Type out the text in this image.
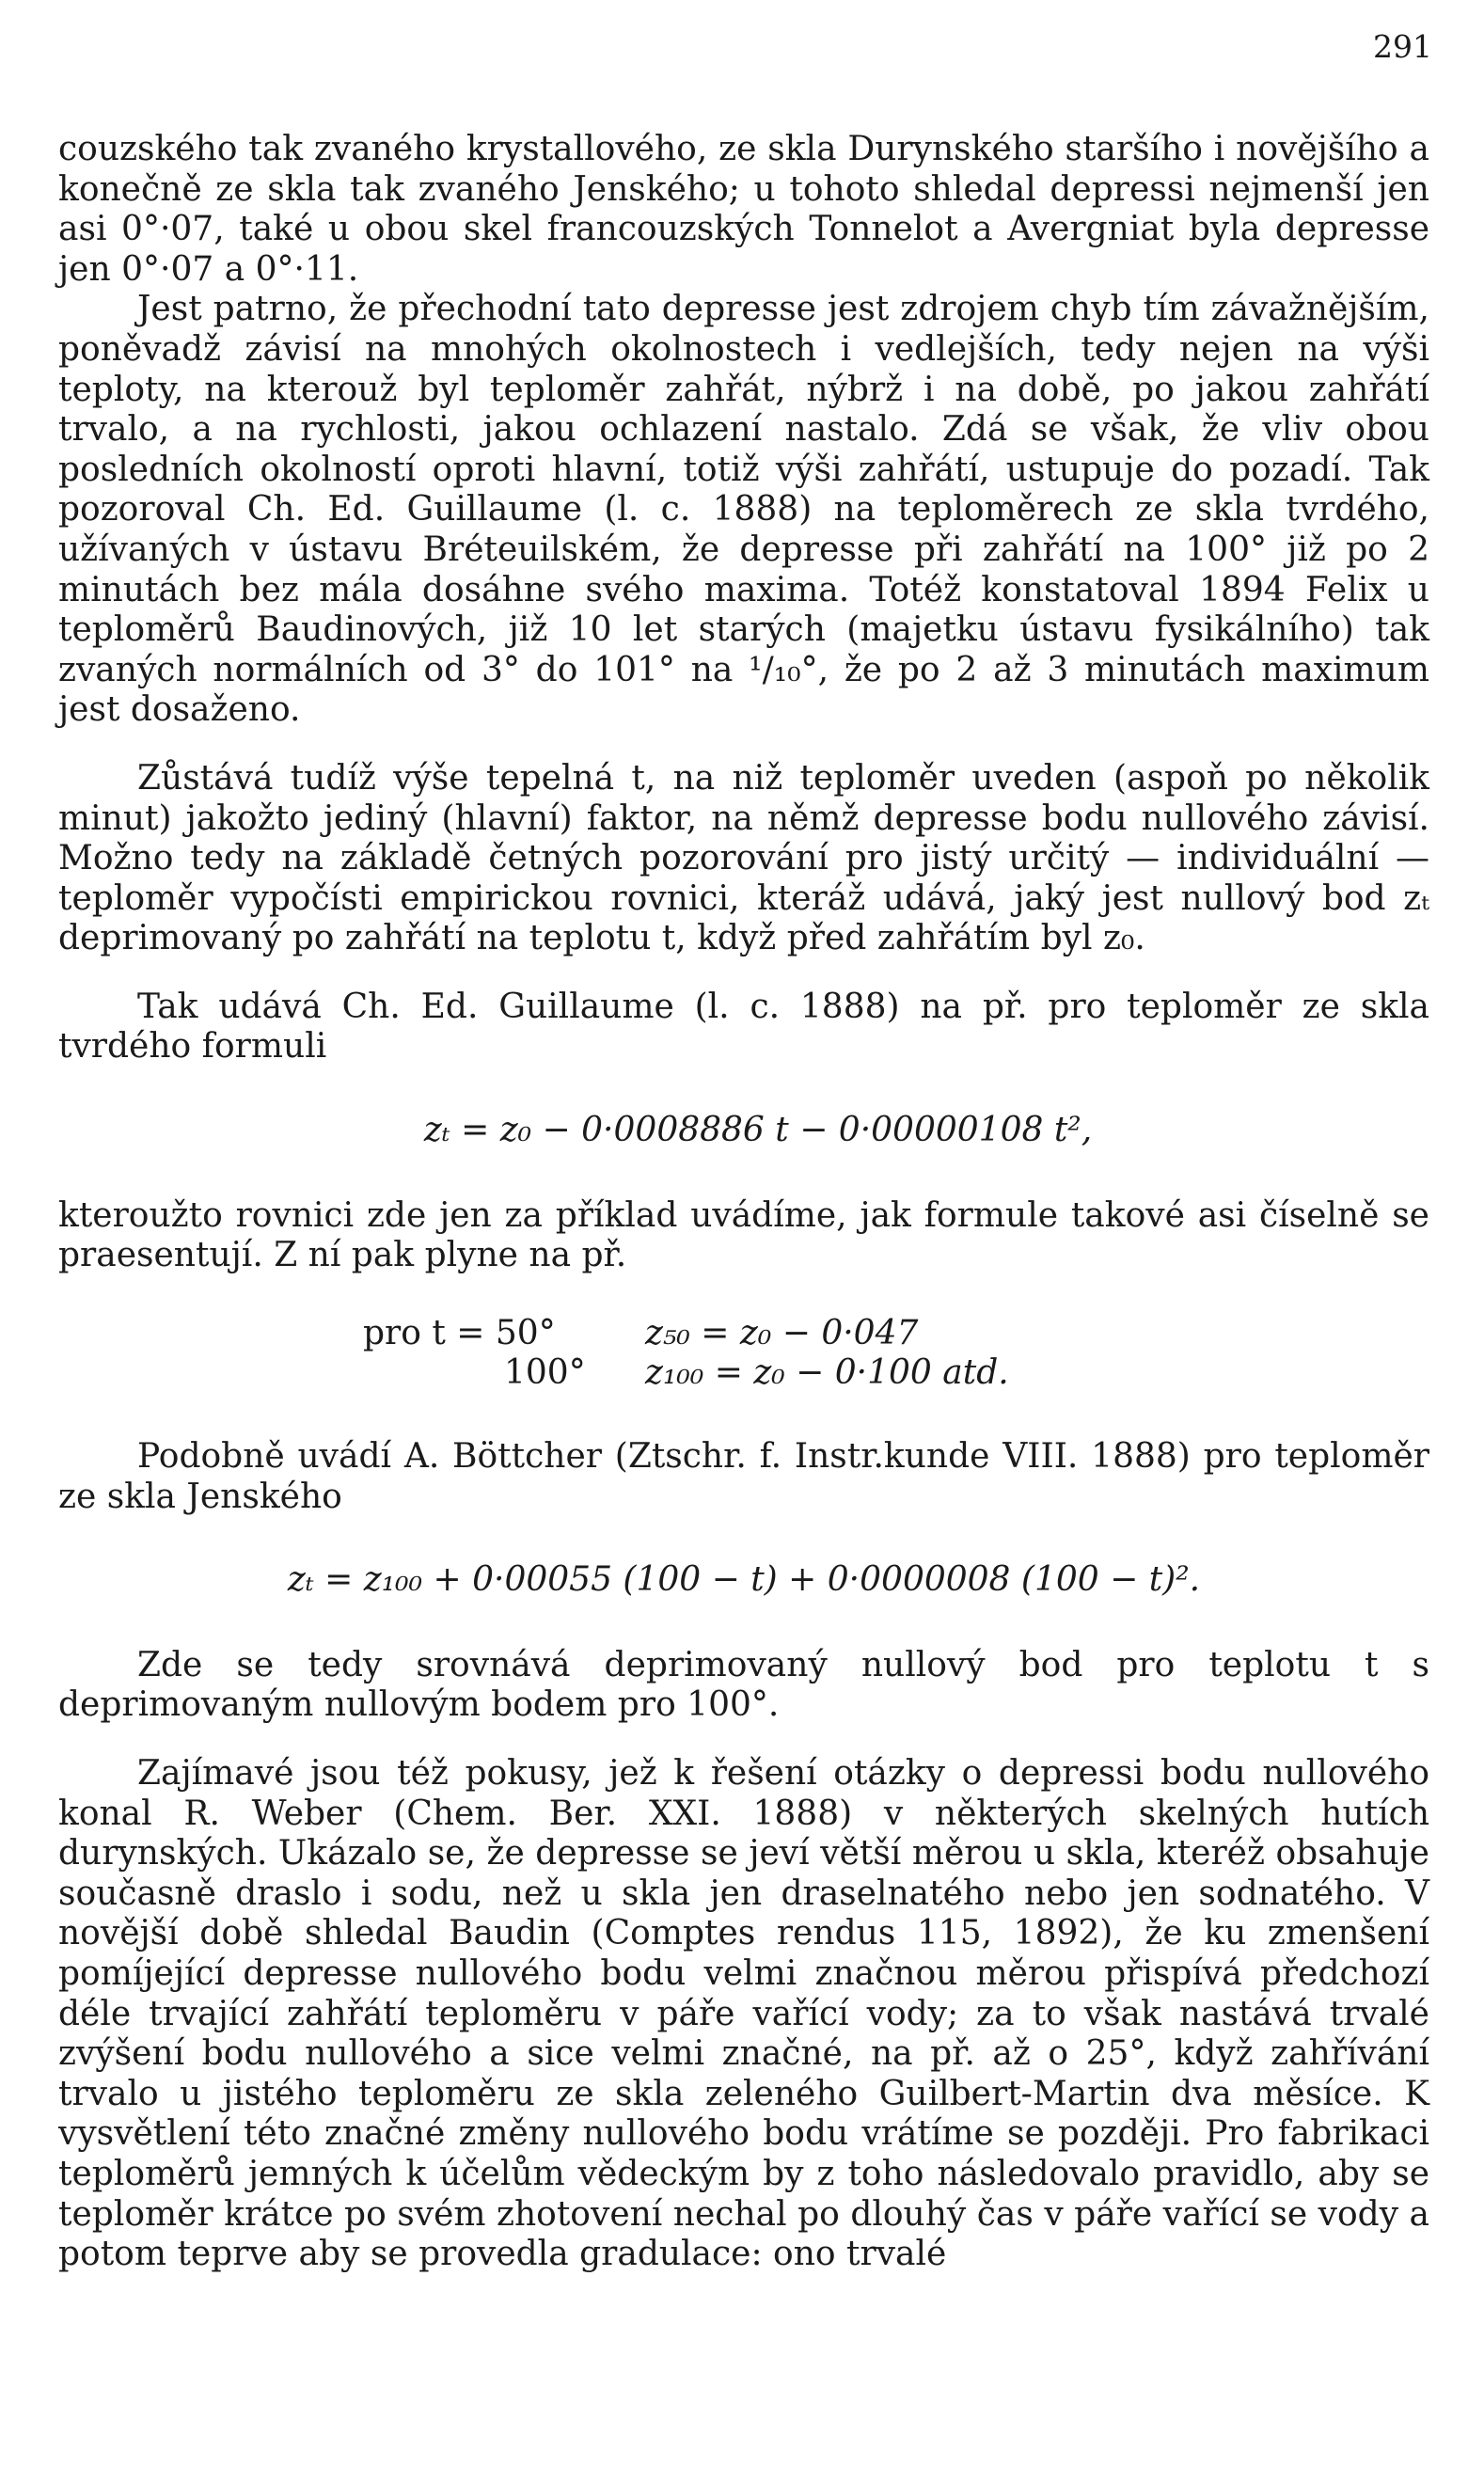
291

couzského tak zvaného krystallového, ze skla Durynského staršího i novějšího a konečně ze skla tak zvaného Jenského; u tohoto shledal depressi nejmenší jen asi 0°·07, také u obou skel francouzských Tonnelot a Avergniat byla depresse jen 0°·07 a 0°·11.

Jest patrno, že přechodní tato depresse jest zdrojem chyb tím závažnějším, poněvadž závisí na mnohých okolnostech i vedlejších, tedy nejen na výši teploty, na kterouž byl teploměr zahřát, nýbrž i na době, po jakou zahřátí trvalo, a na rychlosti, jakou ochlazení nastalo. Zdá se však, že vliv obou posledních okolností oproti hlavní, totiž výši zahřátí, ustupuje do pozadí. Tak pozoroval Ch. Ed. Guillaume (l. c. 1888) na teploměrech ze skla tvrdého, užívaných v ústavu Bréteuilském, že depresse při zahřátí na 100° již po 2 minutách bez mála dosáhne svého maxima. Totéž konstatoval 1894 Felix u teploměrů Baudinových, již 10 let starých (majetku ústavu fysikálního) tak zvaných normálních od 3° do 101° na ¹/₁₀°, že po 2 až 3 minutách maximum jest dosaženo.

Zůstává tudíž výše tepelná t, na niž teploměr uveden (aspoň po několik minut) jakožto jediný (hlavní) faktor, na němž depresse bodu nullového závisí. Možno tedy na základě četných pozorování pro jistý určitý — individuální — teploměr vypočísti empirickou rovnici, kteráž udává, jaký jest nullový bod zₜ deprimovaný po zahřátí na teplotu t, když před zahřátím byl z₀.

Tak udává Ch. Ed. Guillaume (l. c. 1888) na př. pro teploměr ze skla tvrdého formuli

zₜ = z₀ − 0·0008886 t − 0·00000108 t²,

kteroužto rovnici zde jen za příklad uvádíme, jak formule takové asi číselně se praesentují. Z ní pak plyne na př.

pro t = 50°	z₅₀ = z₀ − 0·047
100°	z₁₀₀ = z₀ − 0·100 atd.

Podobně uvádí A. Böttcher (Ztschr. f. Instr.kunde VIII. 1888) pro teploměr ze skla Jenského

zₜ = z₁₀₀ + 0·00055 (100 − t) + 0·0000008 (100 − t)².

Zde se tedy srovnává deprimovaný nullový bod pro teplotu t s deprimovaným nullovým bodem pro 100°.

Zajímavé jsou též pokusy, jež k řešení otázky o depressi bodu nullového konal R. Weber (Chem. Ber. XXI. 1888) v některých skelných hutích durynských. Ukázalo se, že depresse se jeví větší měrou u skla, kteréž obsahuje současně draslo i sodu, než u skla jen draselnatého nebo jen sodnatého. V novější době shledal Baudin (Comptes rendus 115, 1892), že ku zmenšení pomíjející depresse nullového bodu velmi značnou měrou přispívá předchozí déle trvající zahřátí teploměru v páře vařící vody; za to však nastává trvalé zvýšení bodu nullového a sice velmi značné, na př. až o 25°, když zahřívání trvalo u jistého teploměru ze skla zeleného Guilbert-Martin dva měsíce. K vysvětlení této značné změny nullového bodu vrátíme se později. Pro fabrikaci teploměrů jemných k účelům vědeckým by z toho následovalo pravidlo, aby se teploměr krátce po svém zhotovení nechal po dlouhý čas v páře vařící se vody a potom teprve aby se provedla gradulace: ono trvalé
